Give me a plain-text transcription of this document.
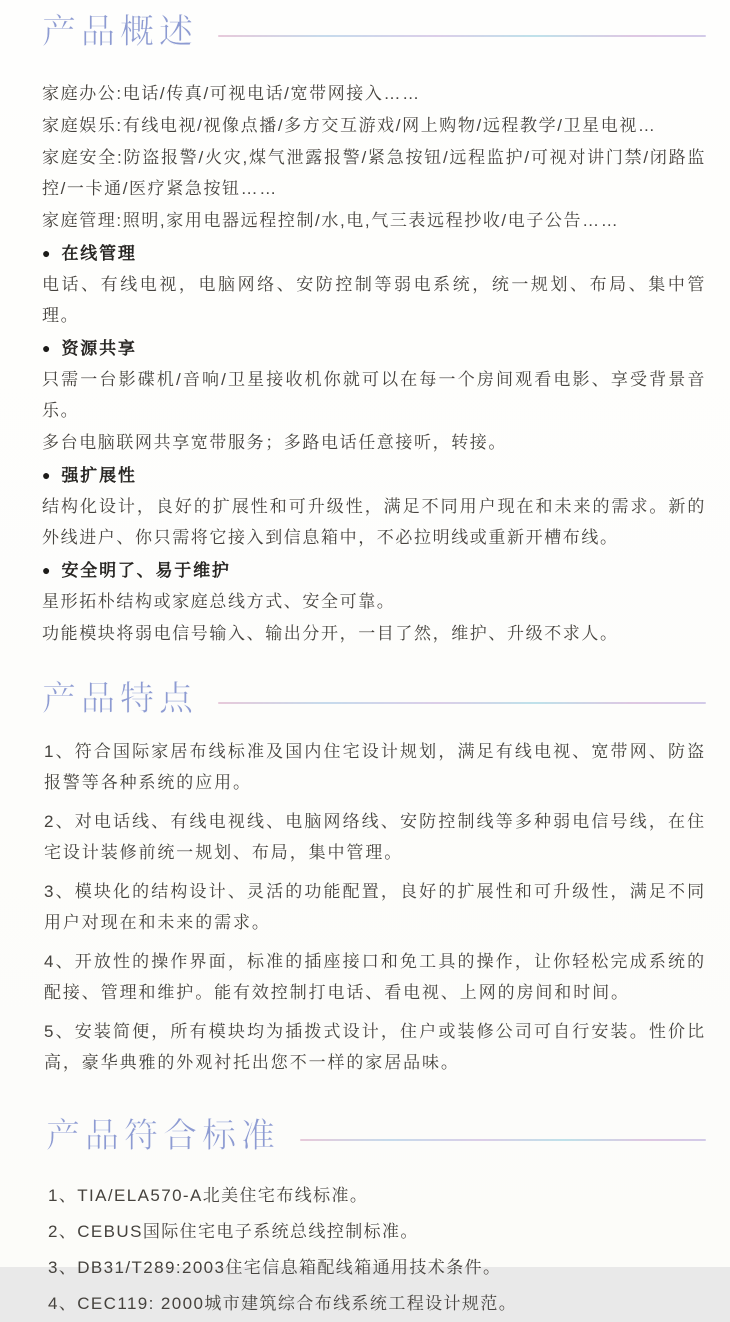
产品概述

家庭办公:电话/传真/可视电话/宽带网接入……

家庭娱乐:有线电视/视像点播/多方交互游戏/网上购物/远程教学/卫星电视…

家庭安全:防盗报警/火灾,煤气泄露报警/紧急按钮/远程监护/可视对讲门禁/闭路监控/一卡通/医疗紧急按钮……

家庭管理:照明,家用电器远程控制/水,电,气三表远程抄收/电子公告……

● 在线管理

电话、有线电视，电脑网络、安防控制等弱电系统，统一规划、布局、集中管理。

● 资源共享

只需一台影碟机/音响/卫星接收机你就可以在每一个房间观看电影、享受背景音乐。

多台电脑联网共享宽带服务；多路电话任意接听，转接。

● 强扩展性

结构化设计，良好的扩展性和可升级性，满足不同用户现在和未来的需求。新的外线进户、你只需将它接入到信息箱中，不必拉明线或重新开槽布线。

● 安全明了、易于维护

星形拓朴结构或家庭总线方式、安全可靠。

功能模块将弱电信号输入、输出分开，一目了然，维护、升级不求人。

产品特点

1、符合国际家居布线标准及国内住宅设计规划，满足有线电视、宽带网、防盗报警等各种系统的应用。

2、对电话线、有线电视线、电脑网络线、安防控制线等多种弱电信号线，在住宅设计装修前统一规划、布局，集中管理。

3、模块化的结构设计、灵活的功能配置，良好的扩展性和可升级性，满足不同用户对现在和未来的需求。

4、开放性的操作界面，标准的插座接口和免工具的操作，让你轻松完成系统的配接、管理和维护。能有效控制打电话、看电视、上网的房间和时间。

5、安装简便，所有模块均为插拨式设计，住户或装修公司可自行安装。性价比高，豪华典雅的外观衬托出您不一样的家居品味。

产品符合标准

1、TIA/ELA570-A北美住宅布线标准。

2、CEBUS国际住宅电子系统总线控制标准。

3、DB31/T289:2003住宅信息箱配线箱通用技术条件。

4、CEC119: 2000城市建筑综合布线系统工程设计规范。
